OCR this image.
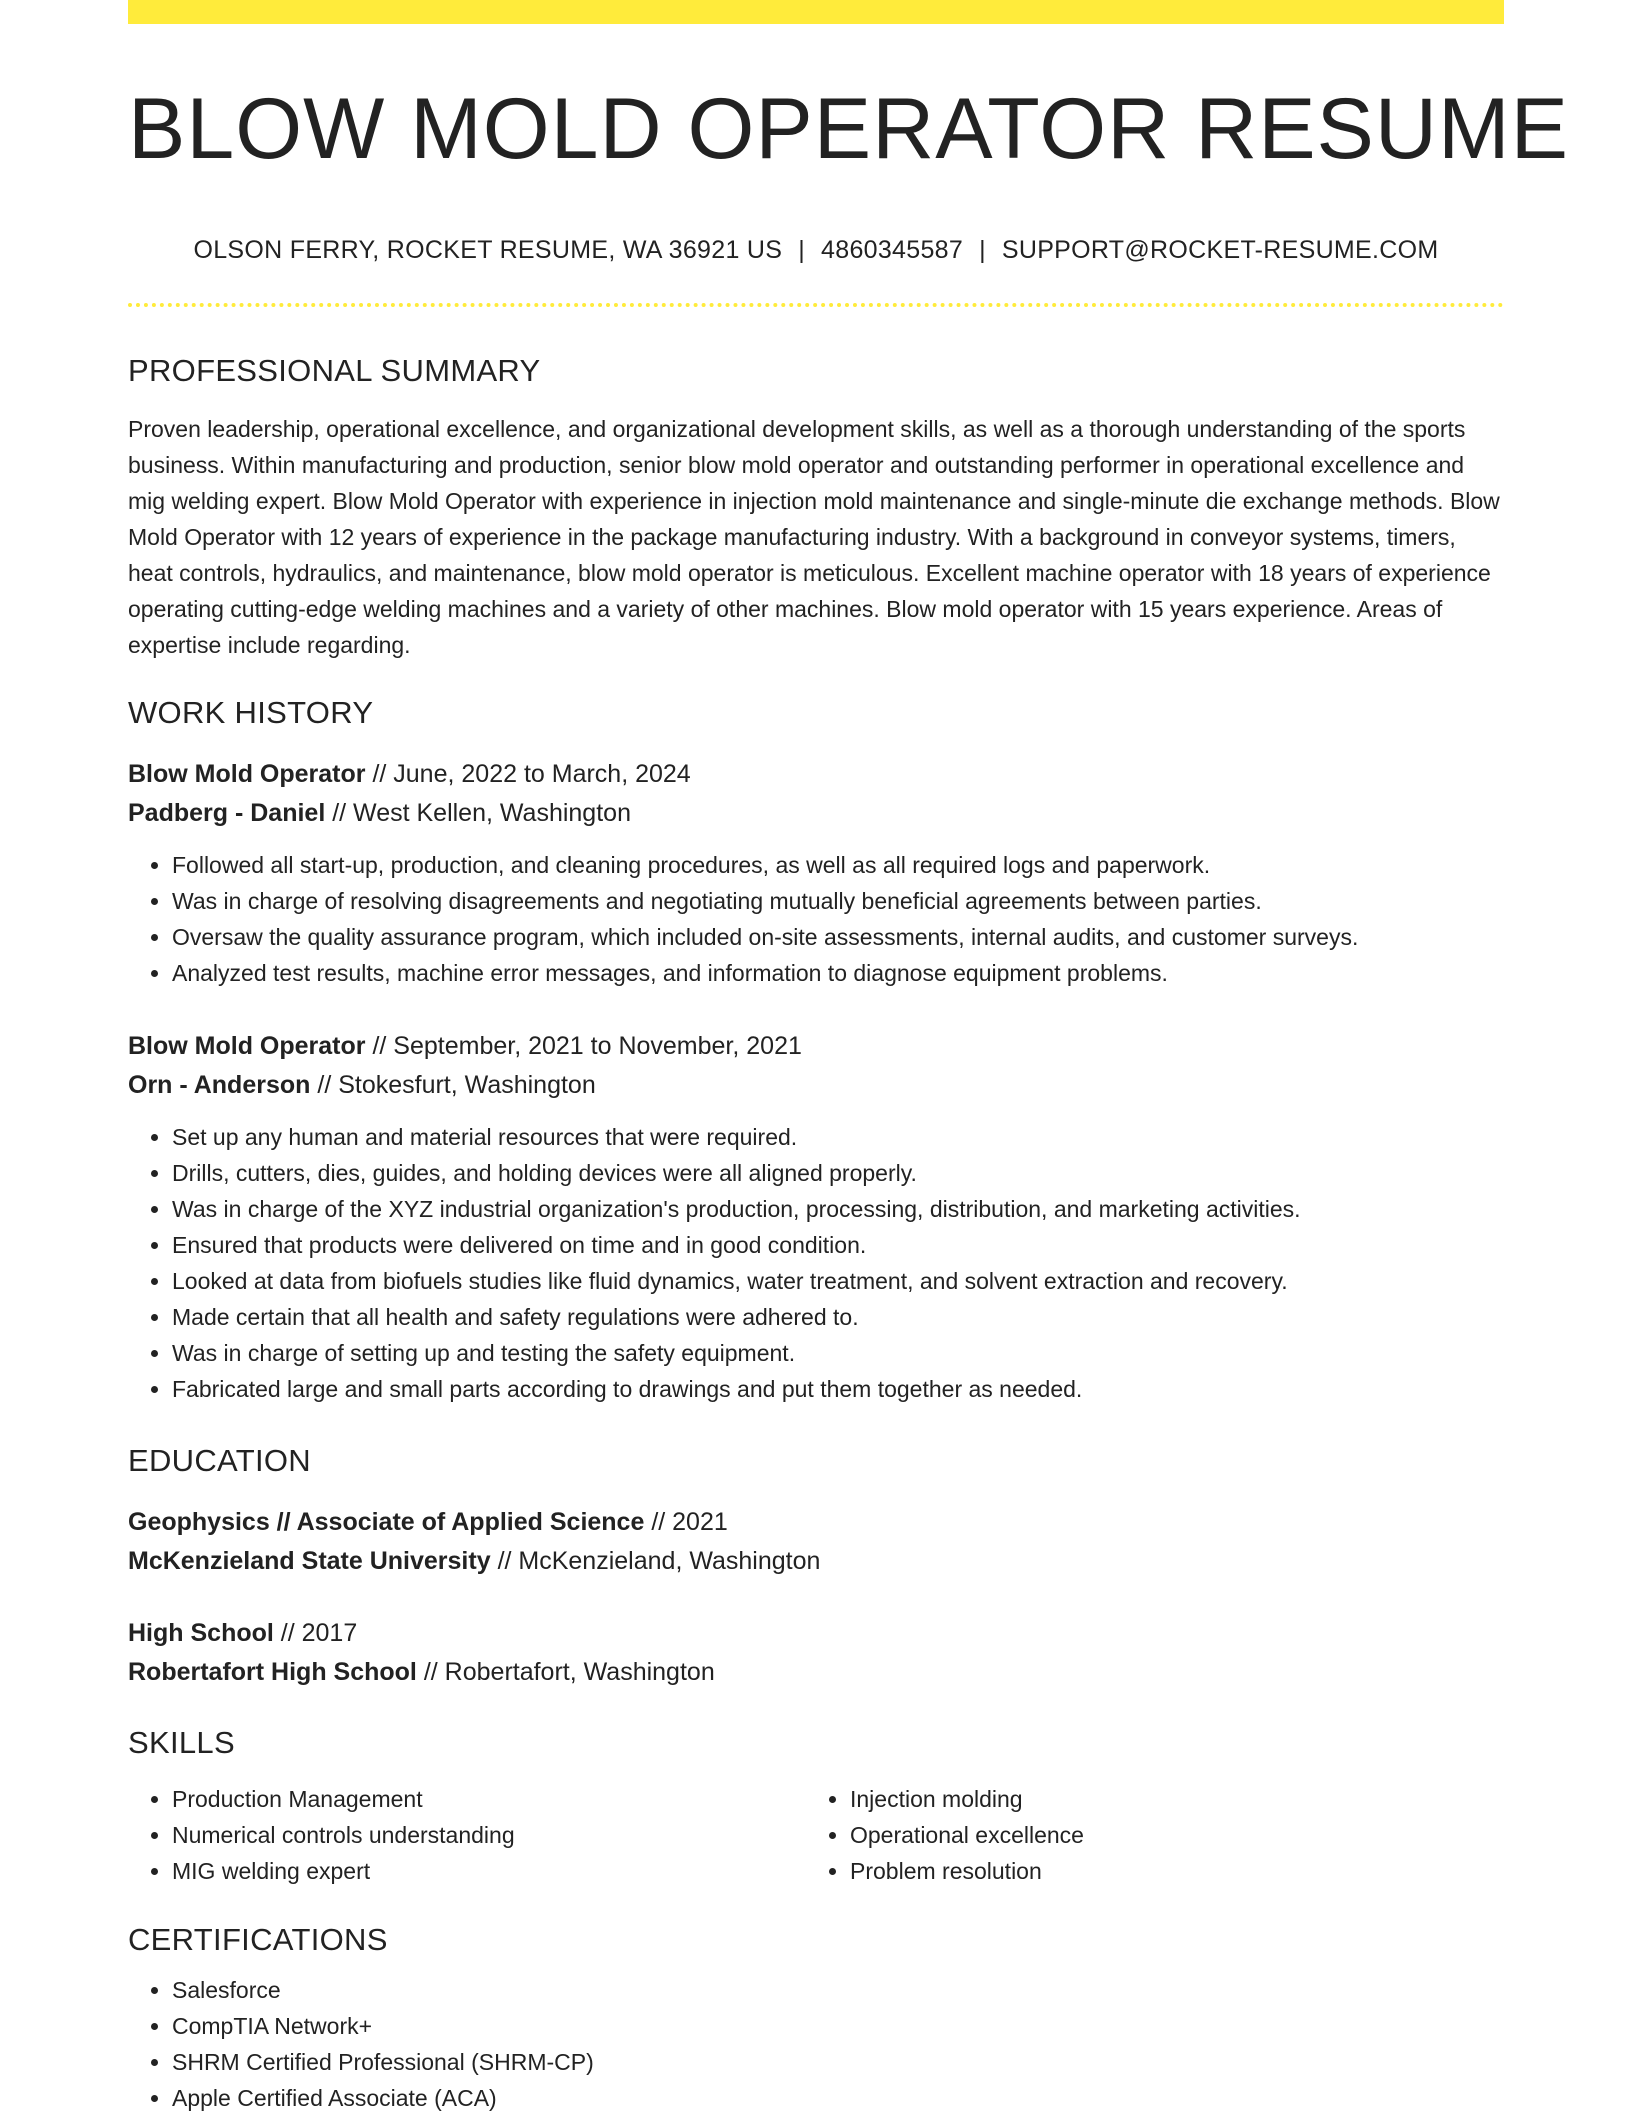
BLOW MOLD OPERATOR RESUME
OLSON FERRY, ROCKET RESUME, WA 36921 US | 4860345587 | SUPPORT@ROCKET-RESUME.COM
PROFESSIONAL SUMMARY
Proven leadership, operational excellence, and organizational development skills, as well as a thorough understanding of the sports business. Within manufacturing and production, senior blow mold operator and outstanding performer in operational excellence and mig welding expert. Blow Mold Operator with experience in injection mold maintenance and single-minute die exchange methods. Blow Mold Operator with 12 years of experience in the package manufacturing industry. With a background in conveyor systems, timers, heat controls, hydraulics, and maintenance, blow mold operator is meticulous. Excellent machine operator with 18 years of experience operating cutting-edge welding machines and a variety of other machines. Blow mold operator with 15 years experience. Areas of expertise include regarding.
WORK HISTORY
Blow Mold Operator // June, 2022 to March, 2024
Padberg - Daniel // West Kellen, Washington
• Followed all start-up, production, and cleaning procedures, as well as all required logs and paperwork.
• Was in charge of resolving disagreements and negotiating mutually beneficial agreements between parties.
• Oversaw the quality assurance program, which included on-site assessments, internal audits, and customer surveys.
• Analyzed test results, machine error messages, and information to diagnose equipment problems.
Blow Mold Operator // September, 2021 to November, 2021
Orn - Anderson // Stokesfurt, Washington
• Set up any human and material resources that were required.
• Drills, cutters, dies, guides, and holding devices were all aligned properly.
• Was in charge of the XYZ industrial organization's production, processing, distribution, and marketing activities.
• Ensured that products were delivered on time and in good condition.
• Looked at data from biofuels studies like fluid dynamics, water treatment, and solvent extraction and recovery.
• Made certain that all health and safety regulations were adhered to.
• Was in charge of setting up and testing the safety equipment.
• Fabricated large and small parts according to drawings and put them together as needed.
EDUCATION
Geophysics // Associate of Applied Science // 2021
McKenzieland State University // McKenzieland, Washington
High School // 2017
Robertafort High School // Robertafort, Washington
SKILLS
• Production Management
• Numerical controls understanding
• MIG welding expert
• Injection molding
• Operational excellence
• Problem resolution
CERTIFICATIONS
• Salesforce
• CompTIA Network+
• SHRM Certified Professional (SHRM-CP)
• Apple Certified Associate (ACA)
